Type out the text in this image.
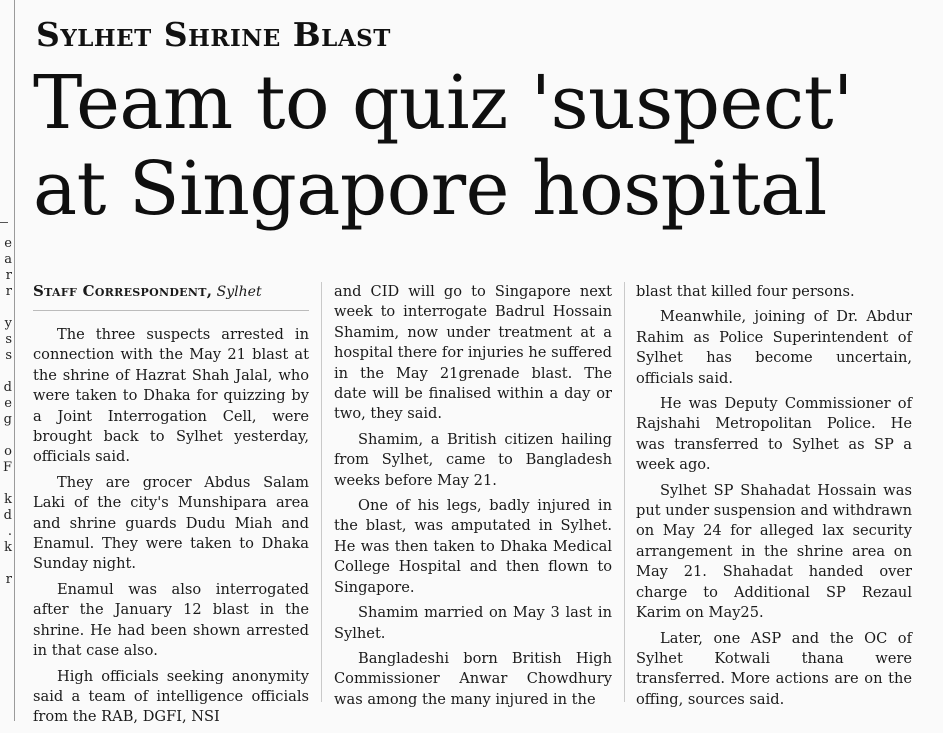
e
a
r
r
y
s
s
d
e
g
o
F
k
d
.
k
r
Sylhet Shrine Blast
Team to quiz 'suspect'
at Singapore hospital
Staff Correspondent, Sylhet

The three suspects arrested in connection with the May 21 blast at the shrine of Hazrat Shah Jalal, who were taken to Dhaka for quizzing by a Joint Interrogation Cell, were brought back to Sylhet yesterday, officials said.

They are grocer Abdus Salam Laki of the city's Munshipara area and shrine guards Dudu Miah and Enamul. They were taken to Dhaka Sunday night.

Enamul was also interrogated after the January 12 blast in the shrine. He had been shown arrested in that case also.

High officials seeking anonymity said a team of intelligence officials from the RAB, DGFI, NSI

and CID will go to Singapore next week to interrogate Badrul Hossain Shamim, now under treatment at a hospital there for injuries he suffered in the May 21grenade blast. The date will be finalised within a day or two, they said.

Shamim, a British citizen hailing from Sylhet, came to Bangladesh weeks before May 21.

One of his legs, badly injured in the blast, was amputated in Sylhet. He was then taken to Dhaka Medical College Hospital and then flown to Singapore.

Shamim married on May 3 last in Sylhet.

Bangladeshi born British High Commissioner Anwar Chowdhury was among the many injured in the

blast that killed four persons.

Meanwhile, joining of Dr. Abdur Rahim as Police Superintendent of Sylhet has become uncertain, officials said.

He was Deputy Commissioner of Rajshahi Metropolitan Police. He was transferred to Sylhet as SP a week ago.

Sylhet SP Shahadat Hossain was put under suspension and withdrawn on May 24 for alleged lax security arrangement in the shrine area on May 21. Shahadat handed over charge to Additional SP Rezaul Karim on May25.

Later, one ASP and the OC of Sylhet Kotwali thana were transferred. More actions are on the offing, sources said.
